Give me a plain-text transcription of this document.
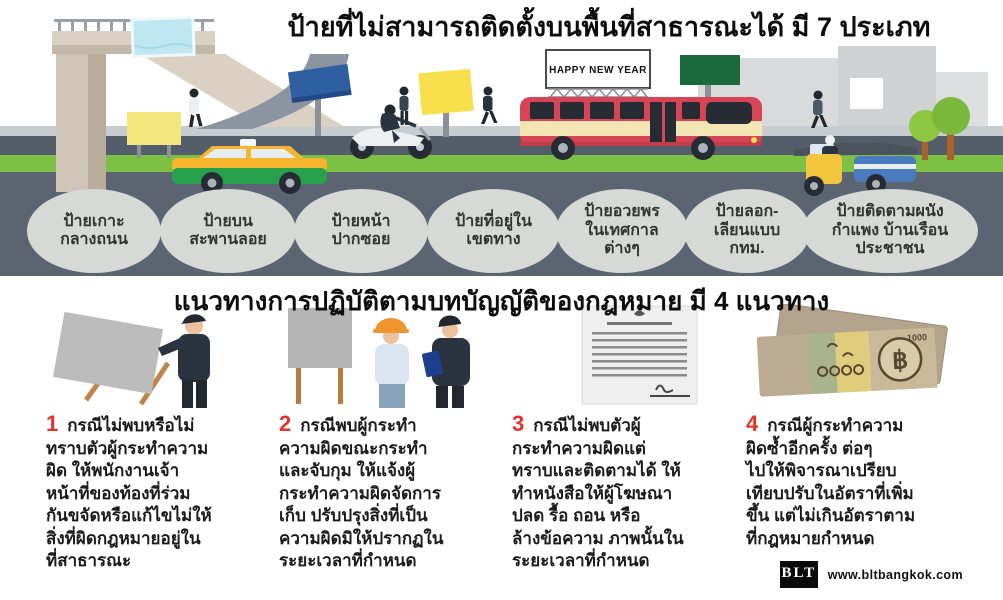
HAPPY NEW YEAR
ป้ายที่ไม่สามารถติดตั้งบนพื้นที่สาธารณะได้ มี 7 ประเภท
ป้ายเกาะ
กลางถนน
ป้ายบน
สะพานลอย
ป้ายหน้า
ปากซอย
ป้ายที่อยู่ใน
เขตทาง
ป้ายอวยพร
ในเทศกาล
ต่างๆ
ป้ายลอก-
เลียนแบบ
กทม.
ป้ายติดตามผนัง
กำแพง บ้านเรือน
ประชาชน
แนวทางการปฏิบัติตามบทบัญญัติของกฎหมาย มี 4 แนวทาง
฿
1000
1 กรณีไม่พบหรือไม่
ทราบตัวผู้กระทำความ
ผิด ให้พนักงานเจ้า
หน้าที่ของท้องที่ร่วม
กันขจัดหรือแก้ไขไม่ให้
สิ่งที่ผิดกฎหมายอยู่ใน
ที่สาธารณะ
2 กรณีพบผู้กระทำ
ความผิดขณะกระทำ
และจับกุม ให้แจ้งผู้
กระทำความผิดจัดการ
เก็บ ปรับปรุงสิ่งที่เป็น
ความผิดมิให้ปรากฏใน
ระยะเวลาที่กำหนด
3 กรณีไม่พบตัวผู้
กระทำความผิดแต่
ทราบและติดตามได้ ให้
ทำหนังสือให้ผู้โฆษณา
ปลด รื้อ ถอน หรือ
ล้างข้อความ ภาพนั้นใน
ระยะเวลาที่กำหนด
4 กรณีผู้กระทำความ
ผิดซ้ำอีกครั้ง ต่อๆ
ไปให้พิจารณาเปรียบ
เทียบปรับในอัตราที่เพิ่ม
ขึ้น แต่ไม่เกินอัตราตาม
ที่กฎหมายกำหนด
BLT www.bltbangkok.com
